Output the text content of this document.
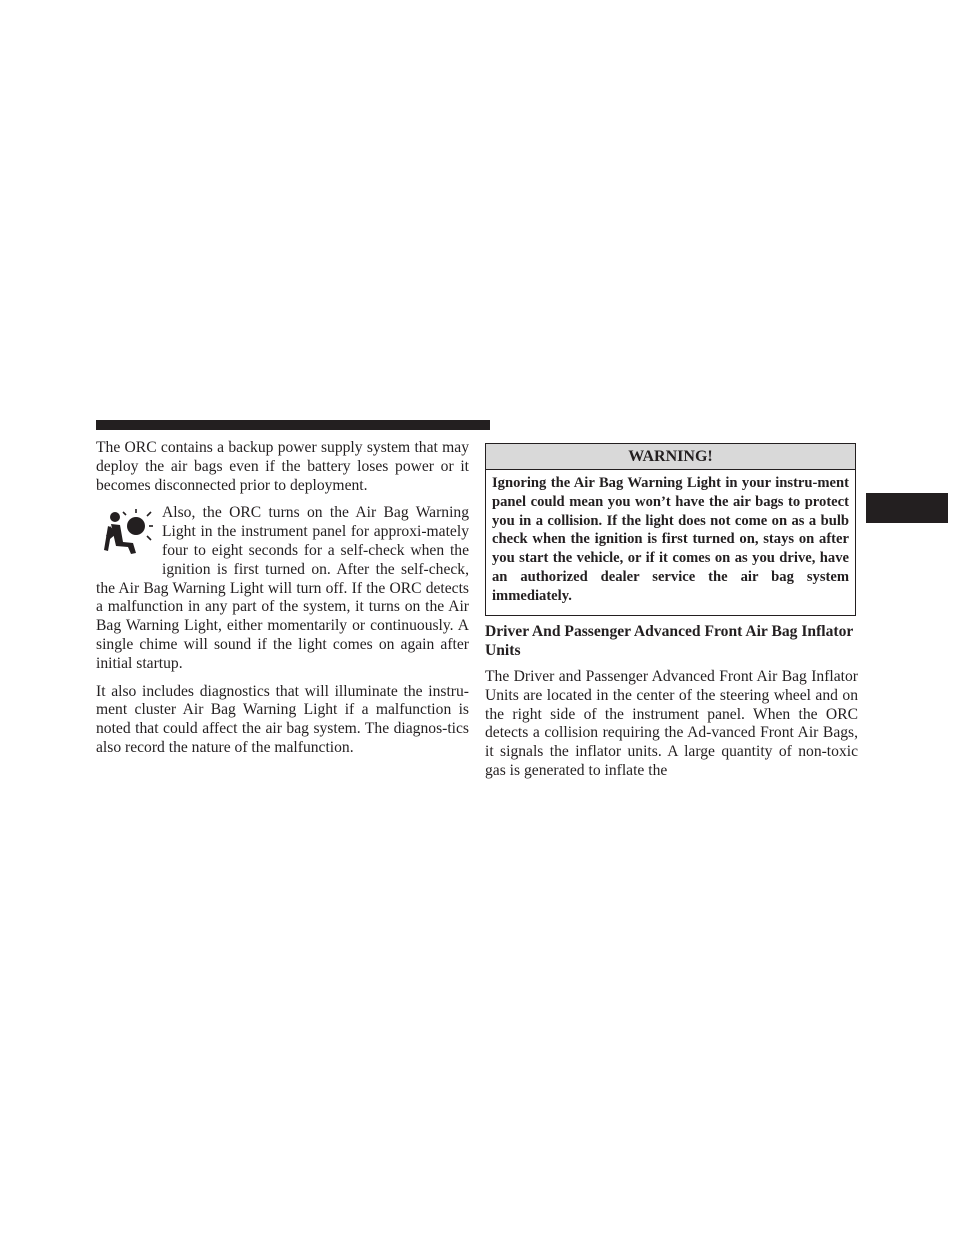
The ORC contains a backup power supply system that may deploy the air bags even if the battery loses power or it becomes disconnected prior to deployment.

Also, the ORC turns on the Air Bag Warning Light in the instrument panel for approxi-mately four to eight seconds for a self-check when the ignition is first turned on. After the self-check, the Air Bag Warning Light will turn off. If the ORC detects a malfunction in any part of the system, it turns on the Air Bag Warning Light, either momentarily or continuously. A single chime will sound if the light comes on again after initial startup.

It also includes diagnostics that will illuminate the instru-ment cluster Air Bag Warning Light if a malfunction is noted that could affect the air bag system. The diagnos-tics also record the nature of the malfunction.

WARNING!
Ignoring the Air Bag Warning Light in your instru-ment panel could mean you won’t have the air bags to protect you in a collision. If the light does not come on as a bulb check when the ignition is first turned on, stays on after you start the vehicle, or if it comes on as you drive, have an authorized dealer service the air bag system immediately.
Driver And Passenger Advanced Front Air Bag Inflator Units

The Driver and Passenger Advanced Front Air Bag Inflator Units are located in the center of the steering wheel and on the right side of the instrument panel. When the ORC detects a collision requiring the Ad-vanced Front Air Bags, it signals the inflator units. A large quantity of non-toxic gas is generated to inflate the
